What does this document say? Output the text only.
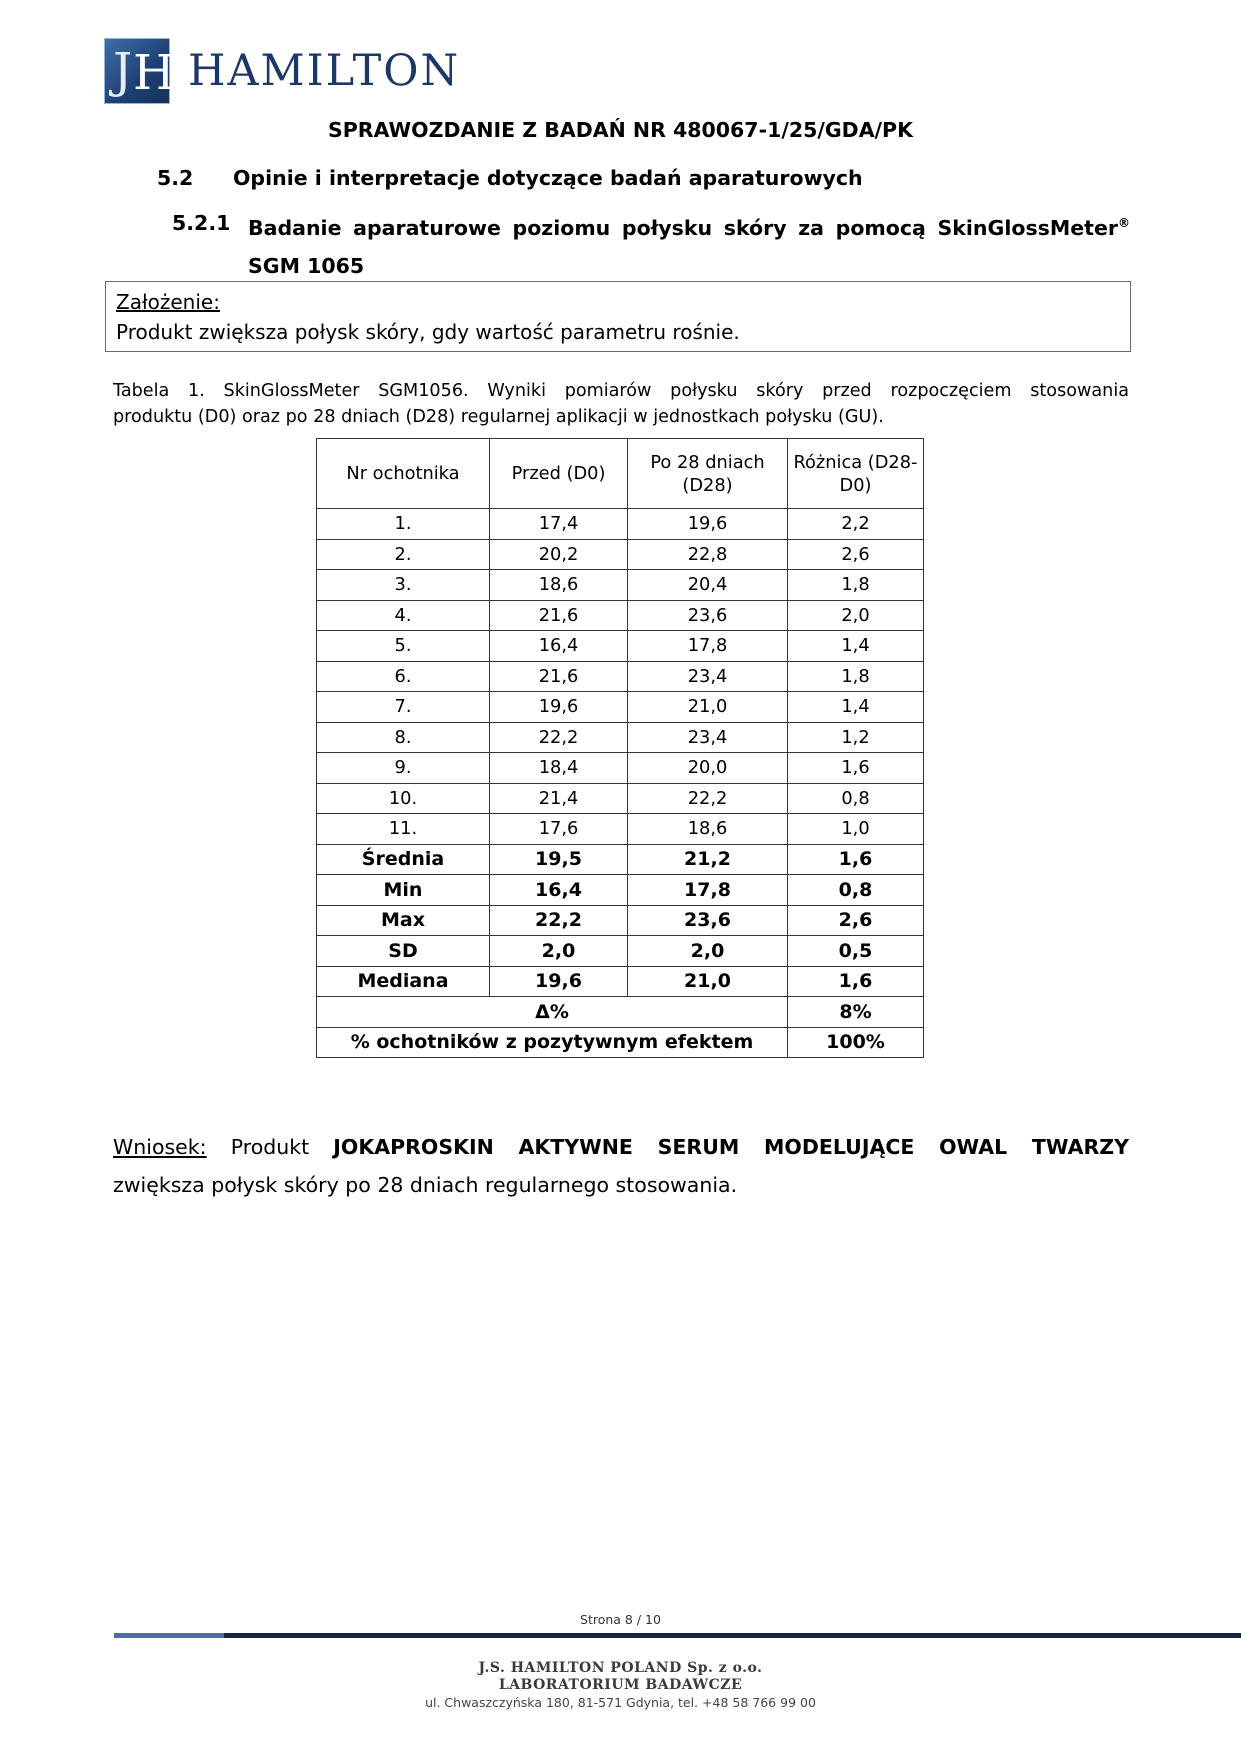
J H HAMILTON
SPRAWOZDANIE Z BADAŃ NR 480067-1/25/GDA/PK
5.2 Opinie i interpretacje dotyczące badań aparaturowych
5.2.1 Badanie aparaturowe poziomu połysku skóry za pomocą SkinGlossMeter®
SGM 1065
Założenie:
Produkt zwiększa połysk skóry, gdy wartość parametru rośnie.
Tabela 1. SkinGlossMeter SGM1056. Wyniki pomiarów połysku skóry przed rozpoczęciem stosowania
produktu (D0) oraz po 28 dniach (D28) regularnej aplikacji w jednostkach połysku (GU).
Nr ochotnika	Przed (D0)	Po 28 dniach (D28)	Różnica (D28-D0)
1.	17,4	19,6	2,2
2.	20,2	22,8	2,6
3.	18,6	20,4	1,8
4.	21,6	23,6	2,0
5.	16,4	17,8	1,4
6.	21,6	23,4	1,8
7.	19,6	21,0	1,4
8.	22,2	23,4	1,2
9.	18,4	20,0	1,6
10.	21,4	22,2	0,8
11.	17,6	18,6	1,0
Średnia	19,5	21,2	1,6
Min	16,4	17,8	0,8
Max	22,2	23,6	2,6
SD	2,0	2,0	0,5
Mediana	19,6	21,0	1,6
Δ%			8%
% ochotników z pozytywnym efektem			100%
Wniosek: Produkt JOKAPROSKIN AKTYWNE SERUM MODELUJĄCE OWAL TWARZY
zwiększa połysk skóry po 28 dniach regularnego stosowania.
Strona 8 / 10
J.S. HAMILTON POLAND Sp. z o.o.
LABORATORIUM BADAWCZE
ul. Chwaszczyńska 180, 81-571 Gdynia, tel. +48 58 766 99 00
